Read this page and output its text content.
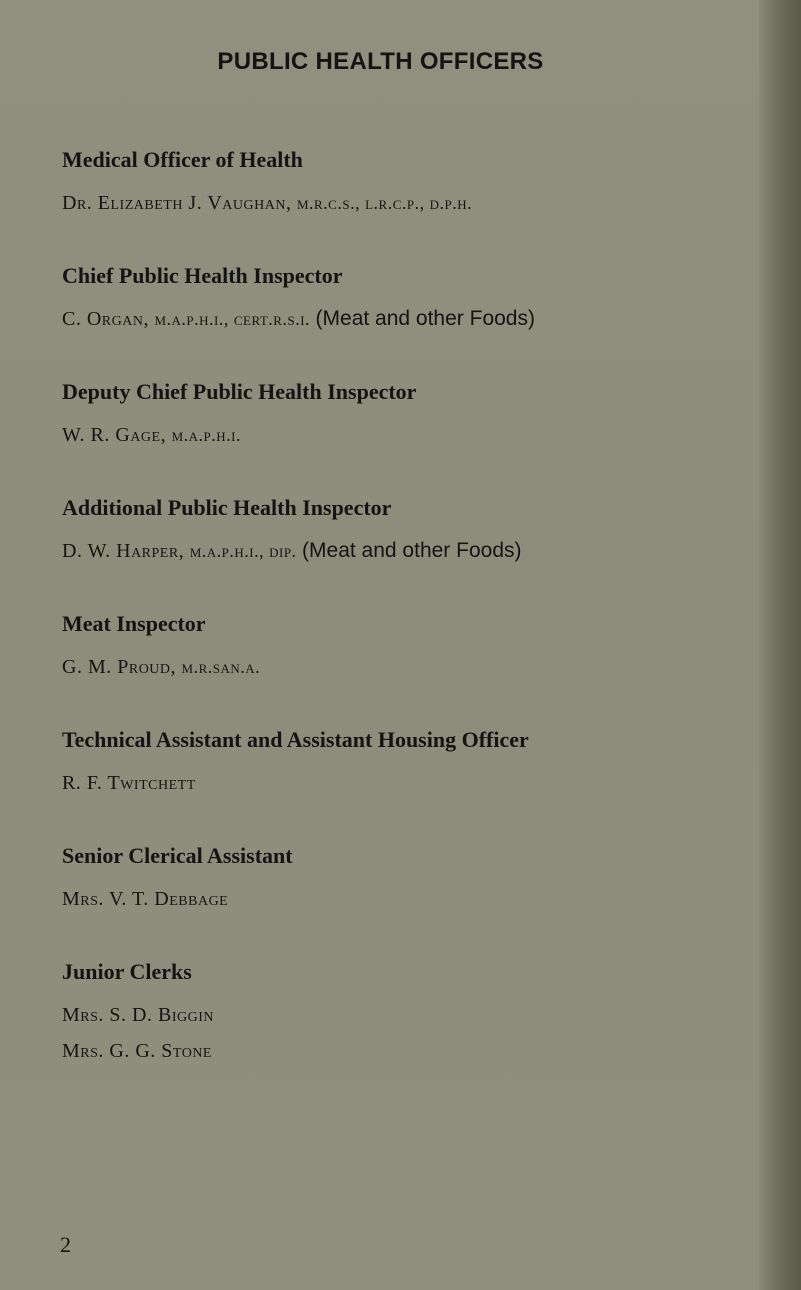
PUBLIC HEALTH OFFICERS
Medical Officer of Health
Dr. Elizabeth J. Vaughan, m.r.c.s., l.r.c.p., d.p.h.
Chief Public Health Inspector
C. Organ, m.a.p.h.i., cert.r.s.i. (Meat and other Foods)
Deputy Chief Public Health Inspector
W. R. Gage, m.a.p.h.i.
Additional Public Health Inspector
D. W. Harper, m.a.p.h.i., dip. (Meat and other Foods)
Meat Inspector
G. M. Proud, m.r.san.a.
Technical Assistant and Assistant Housing Officer
R. F. Twitchett
Senior Clerical Assistant
Mrs. V. T. Debbage
Junior Clerks
Mrs. S. D. Biggin
Mrs. G. G. Stone
2
